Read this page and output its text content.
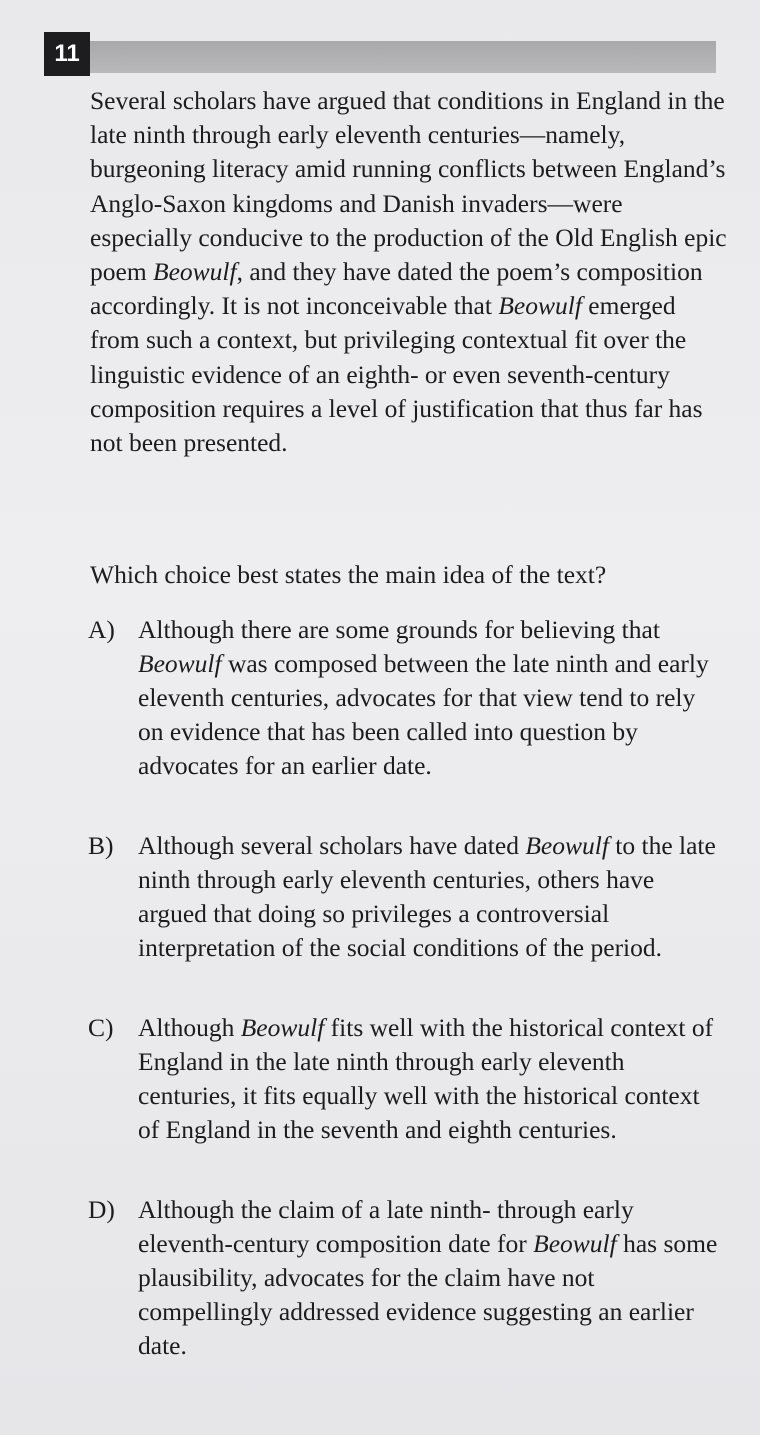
11

Several scholars have argued that conditions in England in the late ninth through early eleventh centuries—namely, burgeoning literacy amid running conflicts between England’s Anglo-Saxon kingdoms and Danish invaders—were especially conducive to the production of the Old English epic poem Beowulf, and they have dated the poem’s composition accordingly. It is not inconceivable that Beowulf emerged from such a context, but privileging contextual fit over the linguistic evidence of an eighth- or even seventh-century composition requires a level of justification that thus far has not been presented.

Which choice best states the main idea of the text?

A) Although there are some grounds for believing that Beowulf was composed between the late ninth and early eleventh centuries, advocates for that view tend to rely on evidence that has been called into question by advocates for an earlier date.
B) Although several scholars have dated Beowulf to the late ninth through early eleventh centuries, others have argued that doing so privileges a controversial interpretation of the social conditions of the period.
C) Although Beowulf fits well with the historical context of England in the late ninth through early eleventh centuries, it fits equally well with the historical context of England in the seventh and eighth centuries.
D) Although the claim of a late ninth- through early eleventh-century composition date for Beowulf has some plausibility, advocates for the claim have not compellingly addressed evidence suggesting an earlier date.
